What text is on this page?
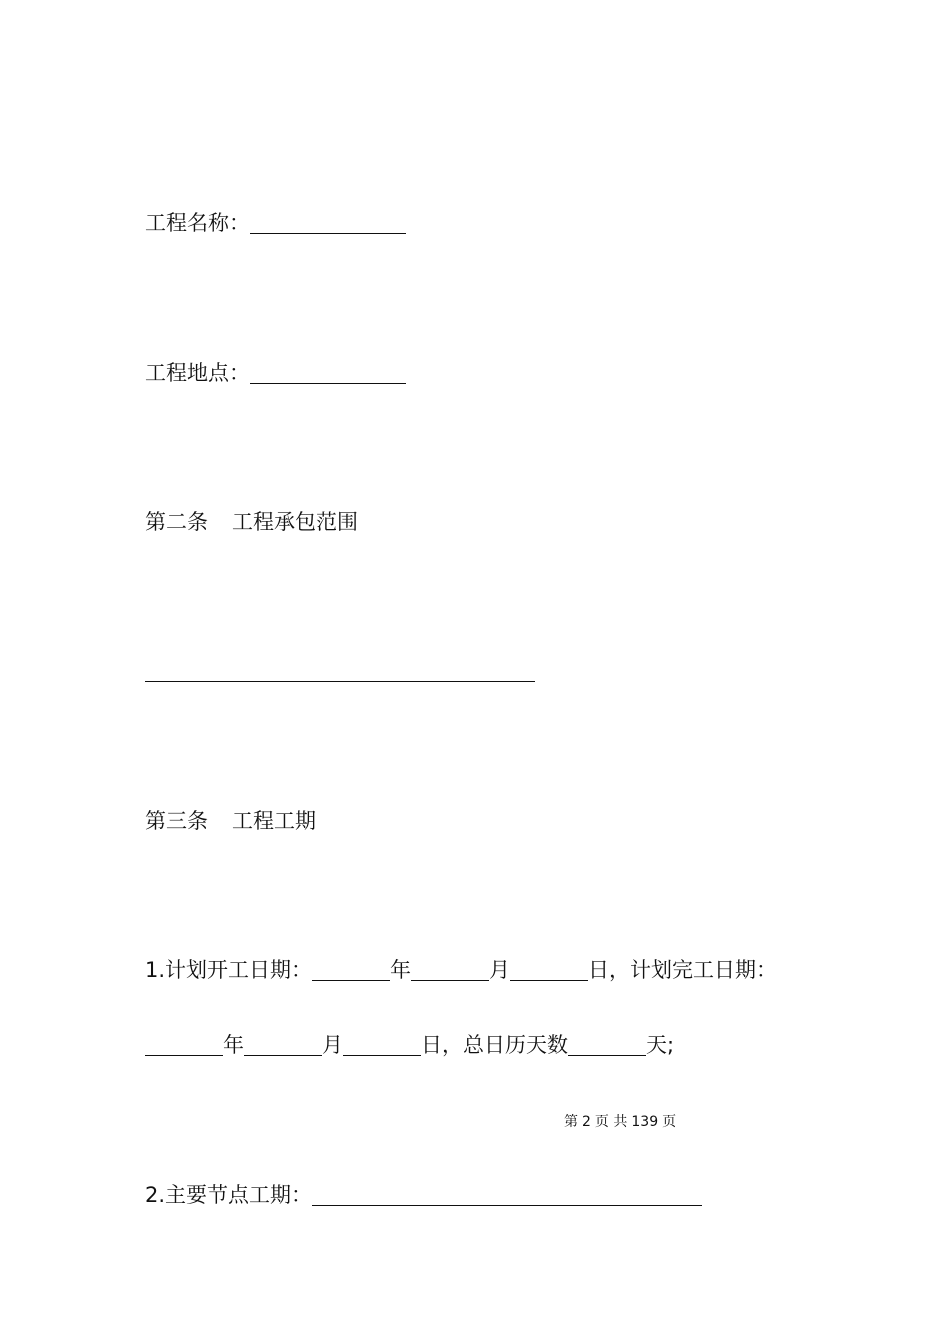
工程名称：
工程地点：
第二条 工程承包范围
第三条 工程工期
1.计划开工日期：	年	月	日，计划完工日期：
年	月	日，总日历天数	天;
第 2 页 共 139 页
2.主要节点工期：
